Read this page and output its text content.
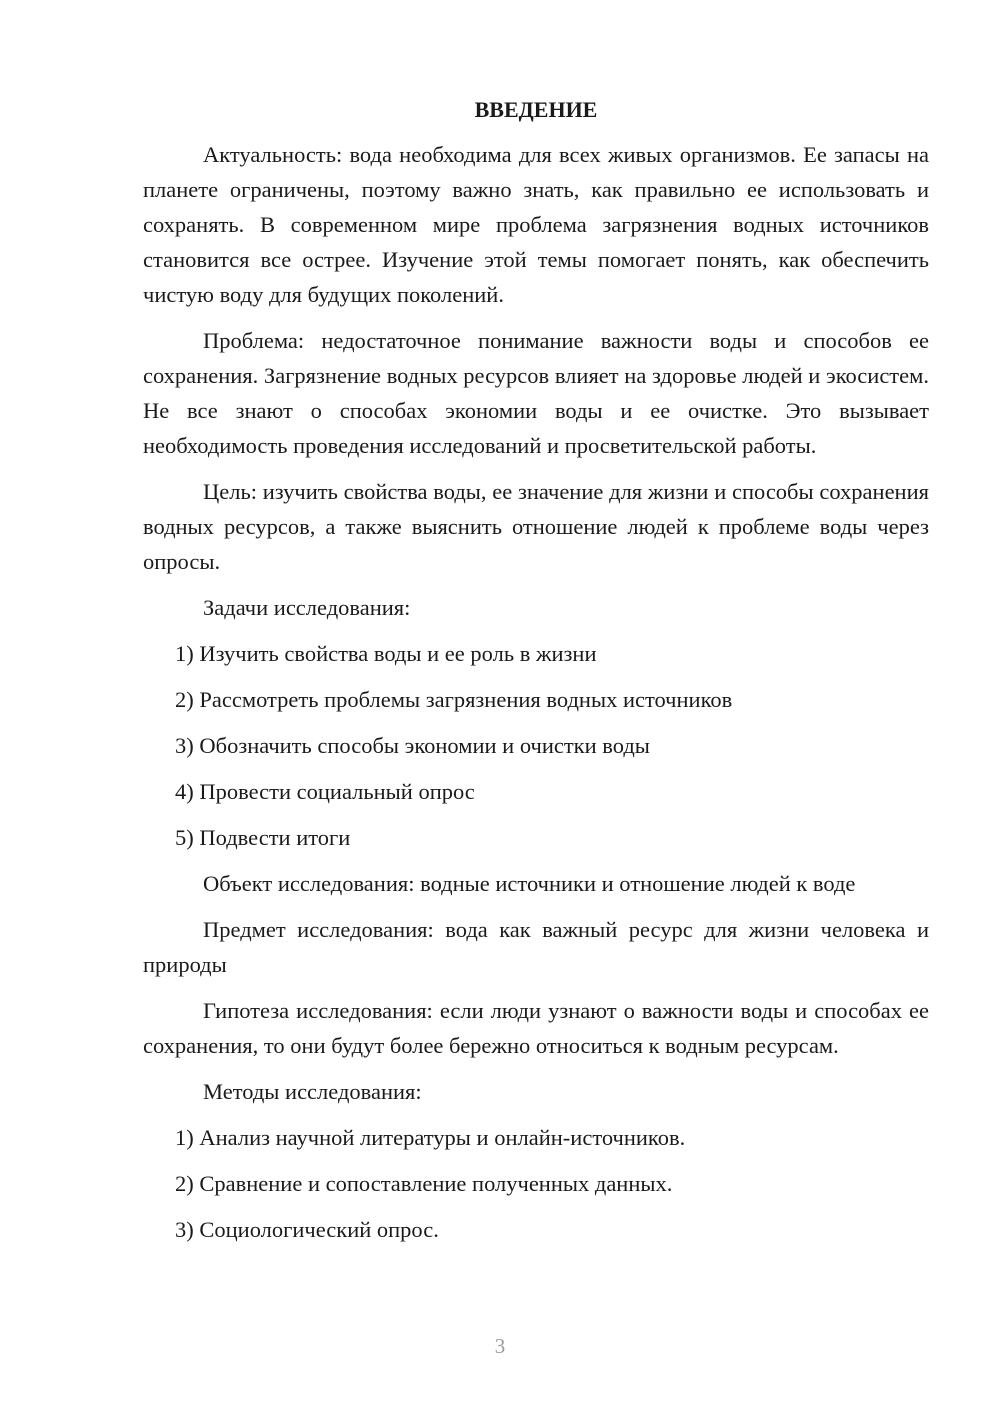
ВВЕДЕНИЕ

Актуальность: вода необходима для всех живых организмов. Ее запасы на планете ограничены, поэтому важно знать, как правильно ее использовать и сохранять. В современном мире проблема загрязнения водных источников становится все острее. Изучение этой темы помогает понять, как обеспечить чистую воду для будущих поколений.

Проблема: недостаточное понимание важности воды и способов ее сохранения. Загрязнение водных ресурсов влияет на здоровье людей и экосистем. Не все знают о способах экономии воды и ее очистке. Это вызывает необходимость проведения исследований и просветительской работы.

Цель: изучить свойства воды, ее значение для жизни и способы сохранения водных ресурсов, а также выяснить отношение людей к проблеме воды через опросы.

Задачи исследования:

1) Изучить свойства воды и ее роль в жизни

2) Рассмотреть проблемы загрязнения водных источников

3) Обозначить способы экономии и очистки воды

4) Провести социальный опрос

5) Подвести итоги

Объект исследования: водные источники и отношение людей к воде

Предмет исследования: вода как важный ресурс для жизни человека и природы

Гипотеза исследования: если люди узнают о важности воды и способах ее сохранения, то они будут более бережно относиться к водным ресурсам.

Методы исследования:

1) Анализ научной литературы и онлайн-источников.

2) Сравнение и сопоставление полученных данных.

3) Социологический опрос.

3
